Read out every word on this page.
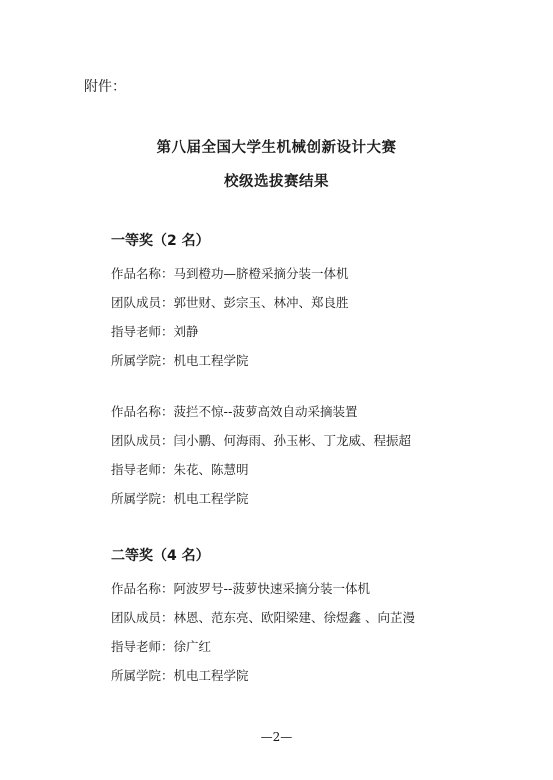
附件：
第八届全国大学生机械创新设计大赛
校级选拔赛结果
一等奖（2 名）
作品名称：马到橙功—脐橙采摘分装一体机
团队成员：郭世财、彭宗玉、林冲、郑良胜
指导老师：刘静
所属学院：机电工程学院
作品名称：菠拦不惊--菠萝高效自动采摘装置
团队成员：闫小鹏、何海雨、孙玉彬、丁龙威、程振超
指导老师：朱花、陈慧明
所属学院：机电工程学院
二等奖（4 名）
作品名称：阿波罗号--菠萝快速采摘分装一体机
团队成员：林恩、范东亮、欧阳梁建、徐煜鑫 、向芷漫
指导老师：徐广红
所属学院：机电工程学院
—2—
